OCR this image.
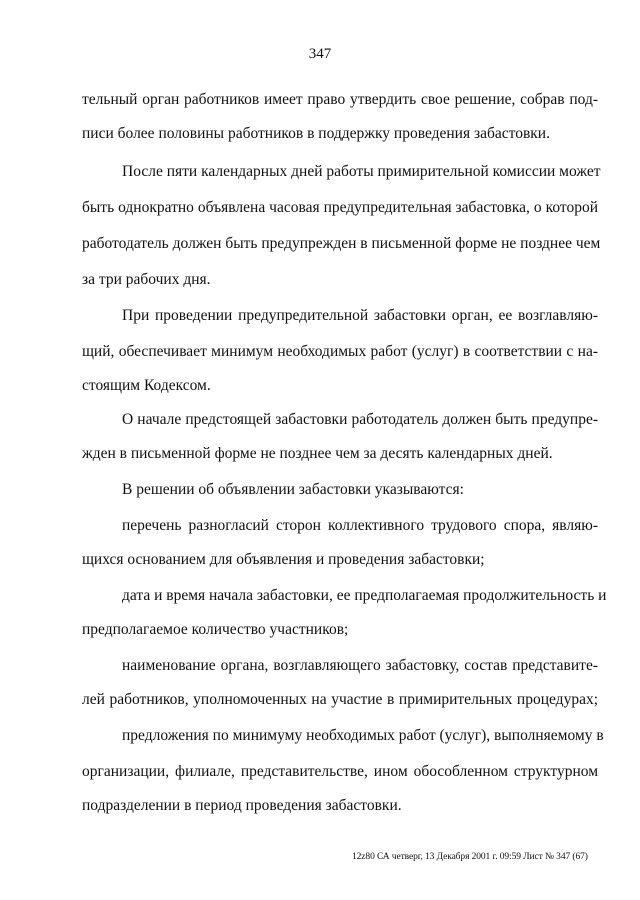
347
тельный орган работников имеет право утвердить свое решение, собрав под-
писи более половины работников в поддержку проведения забастовки.
После пяти календарных дней работы примирительной комиссии может
быть однократно объявлена часовая предупредительная забастовка, о которой
работодатель должен быть предупрежден в письменной форме не позднее чем
за три рабочих дня.
При проведении предупредительной забастовки орган, ее возглавляю-
щий, обеспечивает минимум необходимых работ (услуг) в соответствии с на-
стоящим Кодексом.
О начале предстоящей забастовки работодатель должен быть предупре-
жден в письменной форме не позднее чем за десять календарных дней.
В решении об объявлении забастовки указываются:
перечень разногласий сторон коллективного трудового спора, являю-
щихся основанием для объявления и проведения забастовки;
дата и время начала забастовки, ее предполагаемая продолжительность и
предполагаемое количество участников;
наименование органа, возглавляющего забастовку, состав представите-
лей работников, уполномоченных на участие в примирительных процедурах;
предложения по минимуму необходимых работ (услуг), выполняемому в
организации, филиале, представительстве, ином обособленном структурном
подразделении в период проведения забастовки.
12z80 СА четверг, 13 Декабря 2001 г. 09:59 Лист № 347 (67)
